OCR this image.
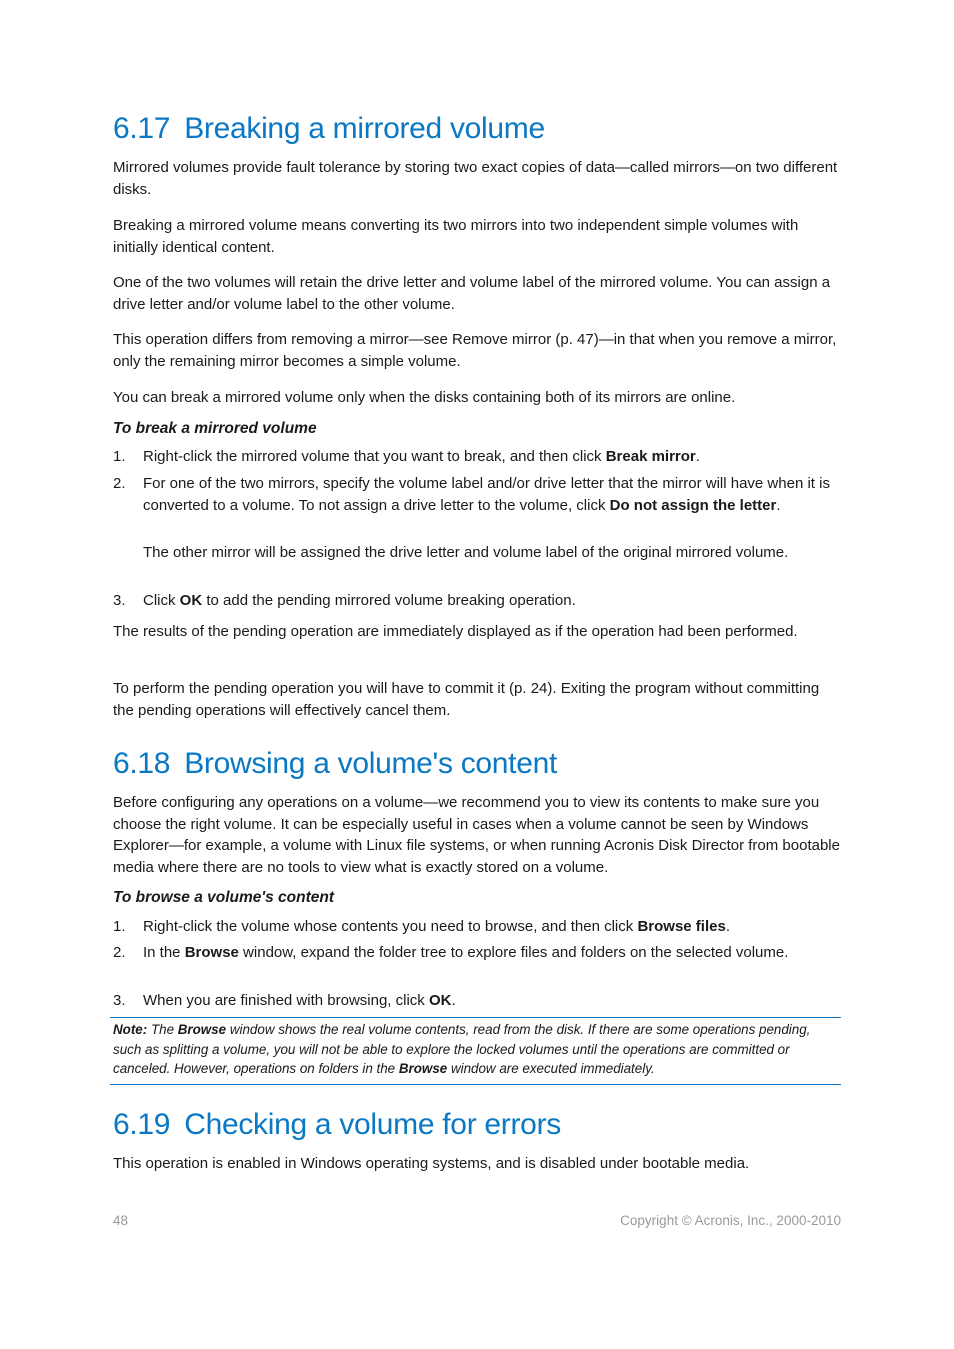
6.17 Breaking a mirrored volume

Mirrored volumes provide fault tolerance by storing two exact copies of data—called mirrors—on two different disks.

Breaking a mirrored volume means converting its two mirrors into two independent simple volumes with initially identical content.

One of the two volumes will retain the drive letter and volume label of the mirrored volume. You can assign a drive letter and/or volume label to the other volume.

This operation differs from removing a mirror—see Remove mirror (p. 47)—in that when you remove a mirror, only the remaining mirror becomes a simple volume.

You can break a mirrored volume only when the disks containing both of its mirrors are online.

To break a mirrored volume
1. Right-click the mirrored volume that you want to break, and then click Break mirror.
2. For one of the two mirrors, specify the volume label and/or drive letter that the mirror will have when it is converted to a volume. To not assign a drive letter to the volume, click Do not assign the letter.

The other mirror will be assigned the drive letter and volume label of the original mirrored volume.

3. Click OK to add the pending mirrored volume breaking operation.

The results of the pending operation are immediately displayed as if the operation had been performed.

To perform the pending operation you will have to commit it (p. 24). Exiting the program without committing the pending operations will effectively cancel them.

6.18 Browsing a volume's content

Before configuring any operations on a volume—we recommend you to view its contents to make sure you choose the right volume. It can be especially useful in cases when a volume cannot be seen by Windows Explorer—for example, a volume with Linux file systems, or when running Acronis Disk Director from bootable media where there are no tools to view what is exactly stored on a volume.

To browse a volume's content
1. Right-click the volume whose contents you need to browse, and then click Browse files.
2. In the Browse window, expand the folder tree to explore files and folders on the selected volume.
3. When you are finished with browsing, click OK.

Note: The Browse window shows the real volume contents, read from the disk. If there are some operations pending, such as splitting a volume, you will not be able to explore the locked volumes until the operations are committed or canceled. However, operations on folders in the Browse window are executed immediately.

6.19 Checking a volume for errors

This operation is enabled in Windows operating systems, and is disabled under bootable media.

48	Copyright © Acronis, Inc., 2000-2010
